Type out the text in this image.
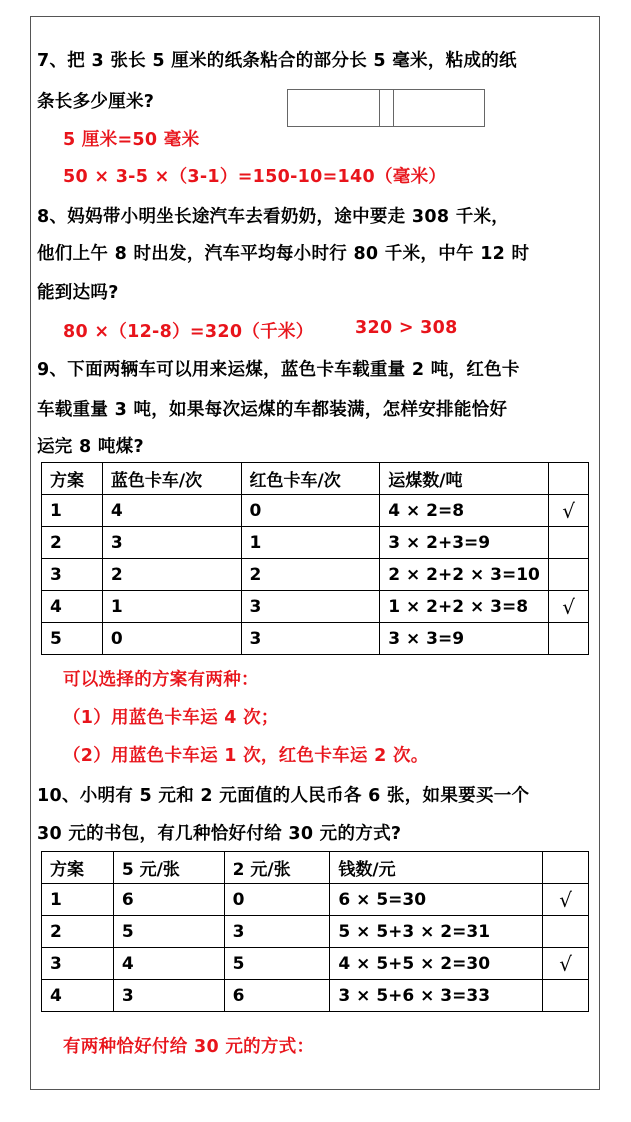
7、把 3 张长 5 厘米的纸条粘合的部分长 5 毫米，粘成的纸
条长多少厘米?
5 厘米=50 毫米
50 × 3-5 ×（3-1）=150-10=140（毫米）
8、妈妈带小明坐长途汽车去看奶奶，途中要走 308 千米，
他们上午 8 时出发，汽车平均每小时行 80 千米，中午 12 时
能到达吗?
80 ×（12-8）=320（千米） 320 > 308
9、下面两辆车可以用来运煤，蓝色卡车载重量 2 吨，红色卡
车载重量 3 吨，如果每次运煤的车都装满，怎样安排能恰好
运完 8 吨煤?
方案	蓝色卡车/次	红色卡车/次	运煤数/吨	
1	4	0	4 × 2=8	√
2	3	1	3 × 2+3=9	
3	2	2	2 × 2+2 × 3=10	
4	1	3	1 × 2+2 × 3=8	√
5	0	3	3 × 3=9	
可以选择的方案有两种：
（1）用蓝色卡车运 4 次；
（2）用蓝色卡车运 1 次，红色卡车运 2 次。
10、小明有 5 元和 2 元面值的人民币各 6 张，如果要买一个
30 元的书包，有几种恰好付给 30 元的方式?
方案	5 元/张	2 元/张	钱数/元	
1	6	0	6 × 5=30	√
2	5	3	5 × 5+3 × 2=31	
3	4	5	4 × 5+5 × 2=30	√
4	3	6	3 × 5+6 × 3=33	
有两种恰好付给 30 元的方式：
